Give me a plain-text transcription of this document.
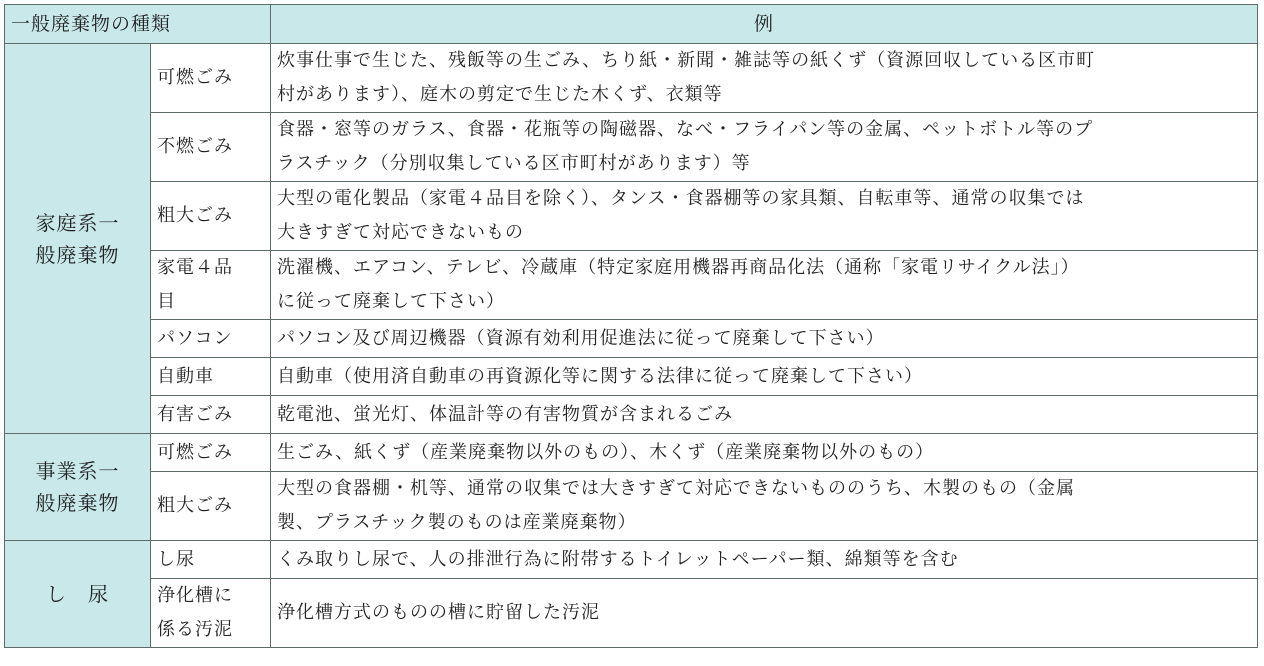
一般廃棄物の種類		例

家庭系一
般廃棄物	可燃ごみ	炊事仕事で生じた、残飯等の生ごみ、ちり紙・新聞・雑誌等の紙くず（資源回収している区市町
村があります）、庭木の剪定で生じた木くず、衣類等

	不燃ごみ	食器・窓等のガラス、食器・花瓶等の陶磁器、なべ・フライパン等の金属、ペットボトル等のプ
ラスチック（分別収集している区市町村があります）等

	粗大ごみ	大型の電化製品（家電４品目を除く）、タンス・食器棚等の家具類、自転車等、通常の収集では
大きすぎて対応できないもの

	家電４品
目	洗濯機、エアコン、テレビ、冷蔵庫（特定家庭用機器再商品化法（通称「家電リサイクル法」）
に従って廃棄して下さい）

	パソコン	パソコン及び周辺機器（資源有効利用促進法に従って廃棄して下さい）
	自動車	自動車（使用済自動車の再資源化等に関する法律に従って廃棄して下さい）
	有害ごみ	乾電池、蛍光灯、体温計等の有害物質が含まれるごみ

事業系一
般廃棄物	可燃ごみ	生ごみ、紙くず（産業廃棄物以外のもの）、木くず（産業廃棄物以外のもの）
	粗大ごみ	大型の食器棚・机等、通常の収集では大きすぎて対応できないもののうち、木製のもの（金属
製、プラスチック製のものは産業廃棄物）

し　尿	し尿	くみ取りし尿で、人の排泄行為に附帯するトイレットペーパー類、綿類等を含む

	浄化槽に
係る汚泥	浄化槽方式のものの槽に貯留した汚泥
